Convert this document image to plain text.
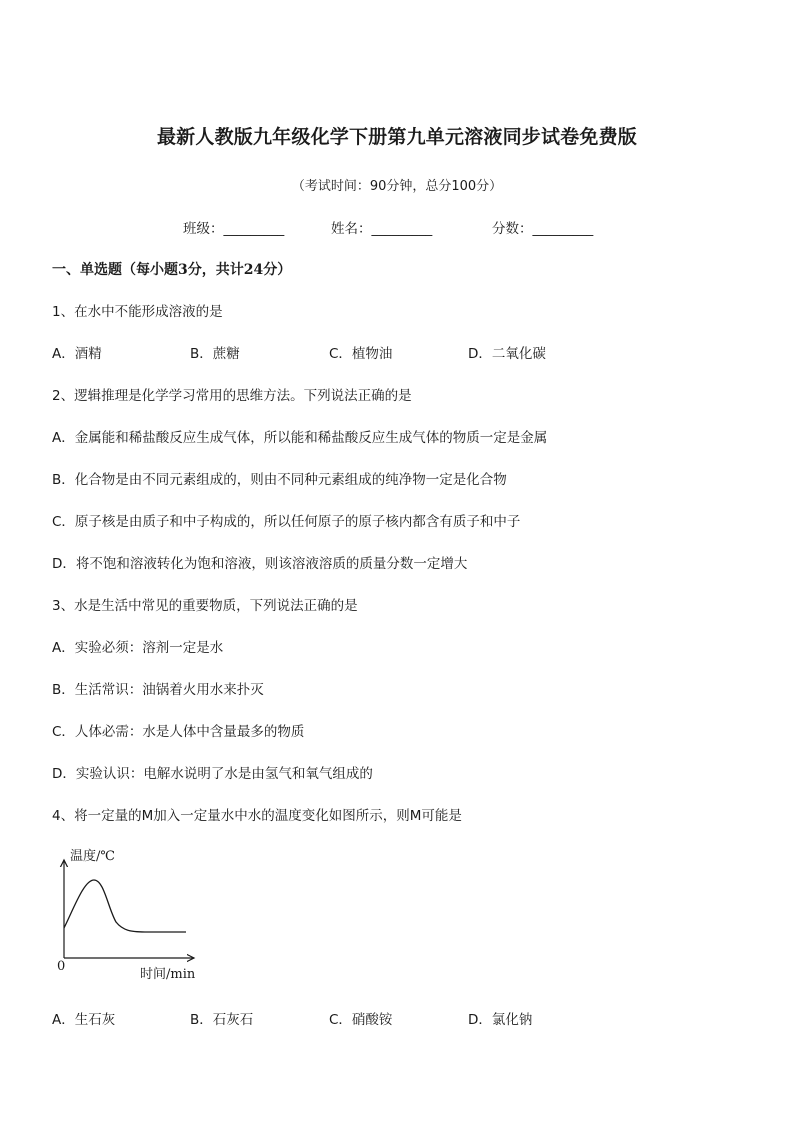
最新人教版九年级化学下册第九单元溶液同步试卷免费版
（考试时间：90分钟，总分100分）
班级：_________	姓名：_________	分数：_________
一、单选题（每小题3分，共计24分）
1、在水中不能形成溶液的是
A．酒精	B．蔗糖	C．植物油	D．二氧化碳
2、逻辑推理是化学学习常用的思维方法。下列说法正确的是
A．金属能和稀盐酸反应生成气体，所以能和稀盐酸反应生成气体的物质一定是金属
B．化合物是由不同元素组成的，则由不同种元素组成的纯净物一定是化合物
C．原子核是由质子和中子构成的，所以任何原子的原子核内都含有质子和中子
D．将不饱和溶液转化为饱和溶液，则该溶液溶质的质量分数一定增大
3、水是生活中常见的重要物质，下列说法正确的是
A．实验必须：溶剂一定是水
B．生活常识：油锅着火用水来扑灭
C．人体必需：水是人体中含量最多的物质
D．实验认识：电解水说明了水是由氢气和氧气组成的
4、将一定量的M加入一定量水中水的温度变化如图所示，则M可能是
温度/℃
时间/min
0
A．生石灰	B．石灰石	C．硝酸铵	D．氯化钠
